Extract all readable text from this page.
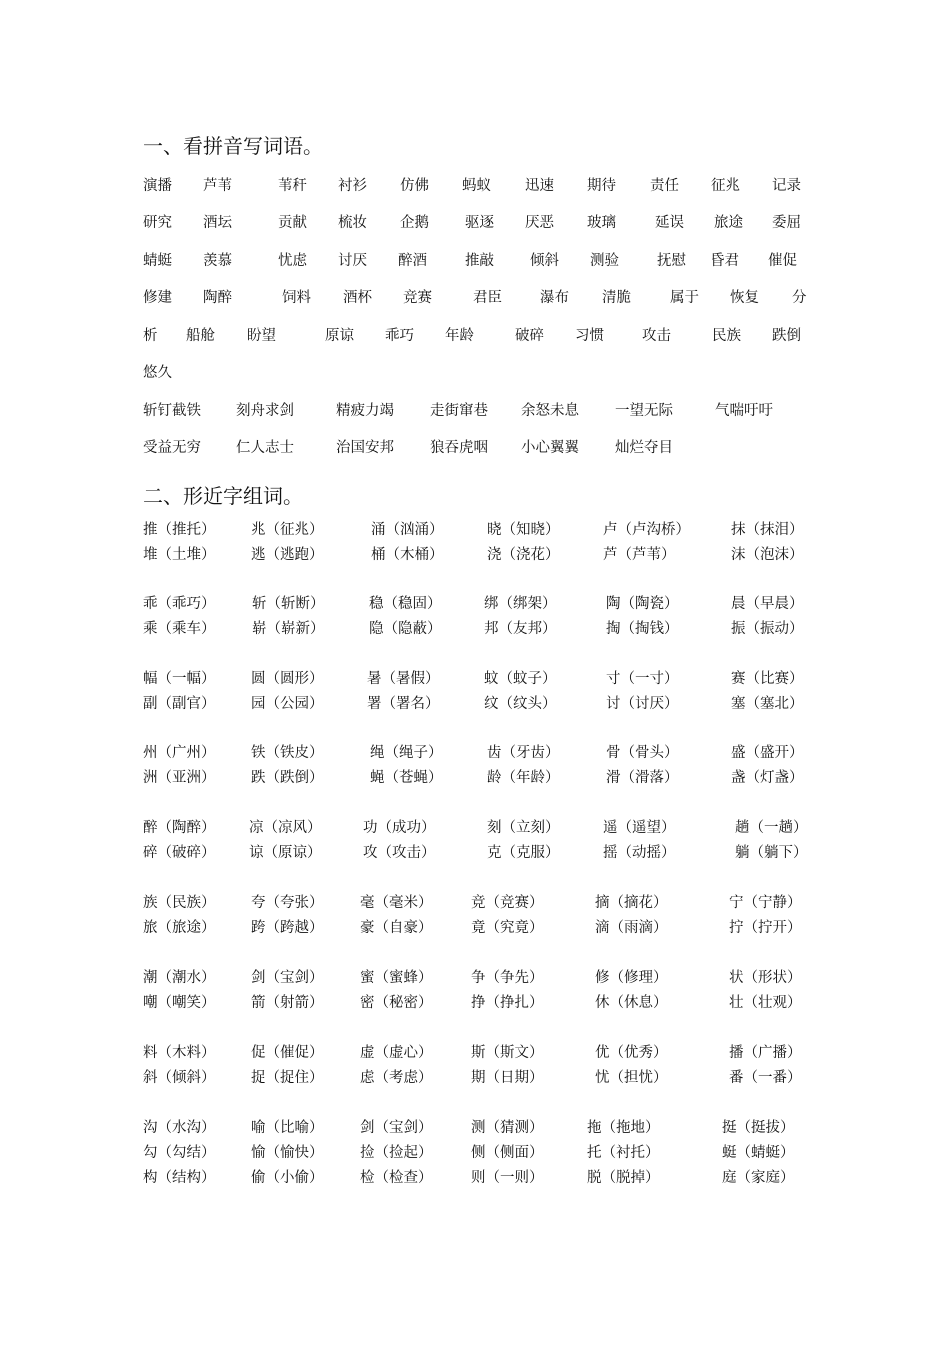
一、看拼音写词语。
演播 芦苇	苇秆 衬衫 仿佛 蚂蚁 迅速 期待 责任 征兆 记录
研究 酒坛	贡献 梳妆 企鹅 驱逐 厌恶 玻璃	延误 旅途 委屈
蜻蜓 羡慕	忧虑 讨厌 醉酒	推敲 倾斜 测验	抚慰 昏君 催促
修建 陶醉	饲料 酒杯 竞赛	君臣	瀑布 清脆	属于 恢复 分
析 船舱 盼望	原谅 乖巧 年龄	破碎 习惯	攻击	民族 跌倒
悠久
斩钉截铁 刻舟求剑	精疲力竭 走街窜巷 余怒未息 一望无际	气喘吁吁
受益无穷 仁人志士	治国安邦 狼吞虎咽 小心翼翼 灿烂夺目
二、形近字组词。
推（推托） 兆（征兆）	涌（汹涌）	晓（知晓）	卢（卢沟桥）	抹（抹泪）
堆（土堆） 逃（逃跑）	桶（木桶）	浇（浇花）	芦（芦苇）	沫（泡沫）
乖（乖巧）	斩（斩断）	稳（稳固）	绑（绑架）	陶（陶瓷）	晨（早晨）
乘（乘车）	崭（崭新）	隐（隐蔽）	邦（友邦）	掏（掏钱）	振（振动）
幅（一幅） 圆（圆形）	暑（暑假）	蚊（蚊子）	寸（一寸）	赛（比赛）
副（副官） 园（公园）	署（署名）	纹（纹头）	讨（讨厌）	塞（塞北）
州（广州） 铁（铁皮）	绳（绳子）	齿（牙齿）	骨（骨头）	盛（盛开）
洲（亚洲） 跌（跌倒）	蝇（苍蝇）	龄（年龄）	滑（滑落）	盏（灯盏）
醉（陶醉） 凉（凉风）	功（成功）	刻（立刻）	遥（遥望）	趟（一趟）
碎（破碎） 谅（原谅）	攻（攻击）	克（克服）	摇（动摇）	躺（躺下）
族（民族） 夸（夸张）	毫（毫米）	竞（竞赛）	摘（摘花）	宁（宁静）
旅（旅途） 跨（跨越）	豪（自豪）	竟（究竟）	滴（雨滴）	拧（拧开）
潮（潮水） 剑（宝剑）	蜜（蜜蜂）	争（争先）	修（修理）	状（形状）
嘲（嘲笑） 箭（射箭）	密（秘密）	挣（挣扎）	休（休息）	壮（壮观）
料（木料） 促（催促）	虚（虚心）	斯（斯文）	优（优秀）	播（广播）
斜（倾斜） 捉（捉住）	虑（考虑）	期（日期）	忧（担忧）	番（一番）
沟（水沟） 喻（比喻）	剑（宝剑）	测（猜测）	拖（拖地）	挺（挺拔）
勾（勾结） 愉（愉快）	捡（捡起）	侧（侧面）	托（衬托）	蜓（蜻蜓）
构（结构） 偷（小偷）	检（检查）	则（一则）	脱（脱掉）	庭（家庭）
